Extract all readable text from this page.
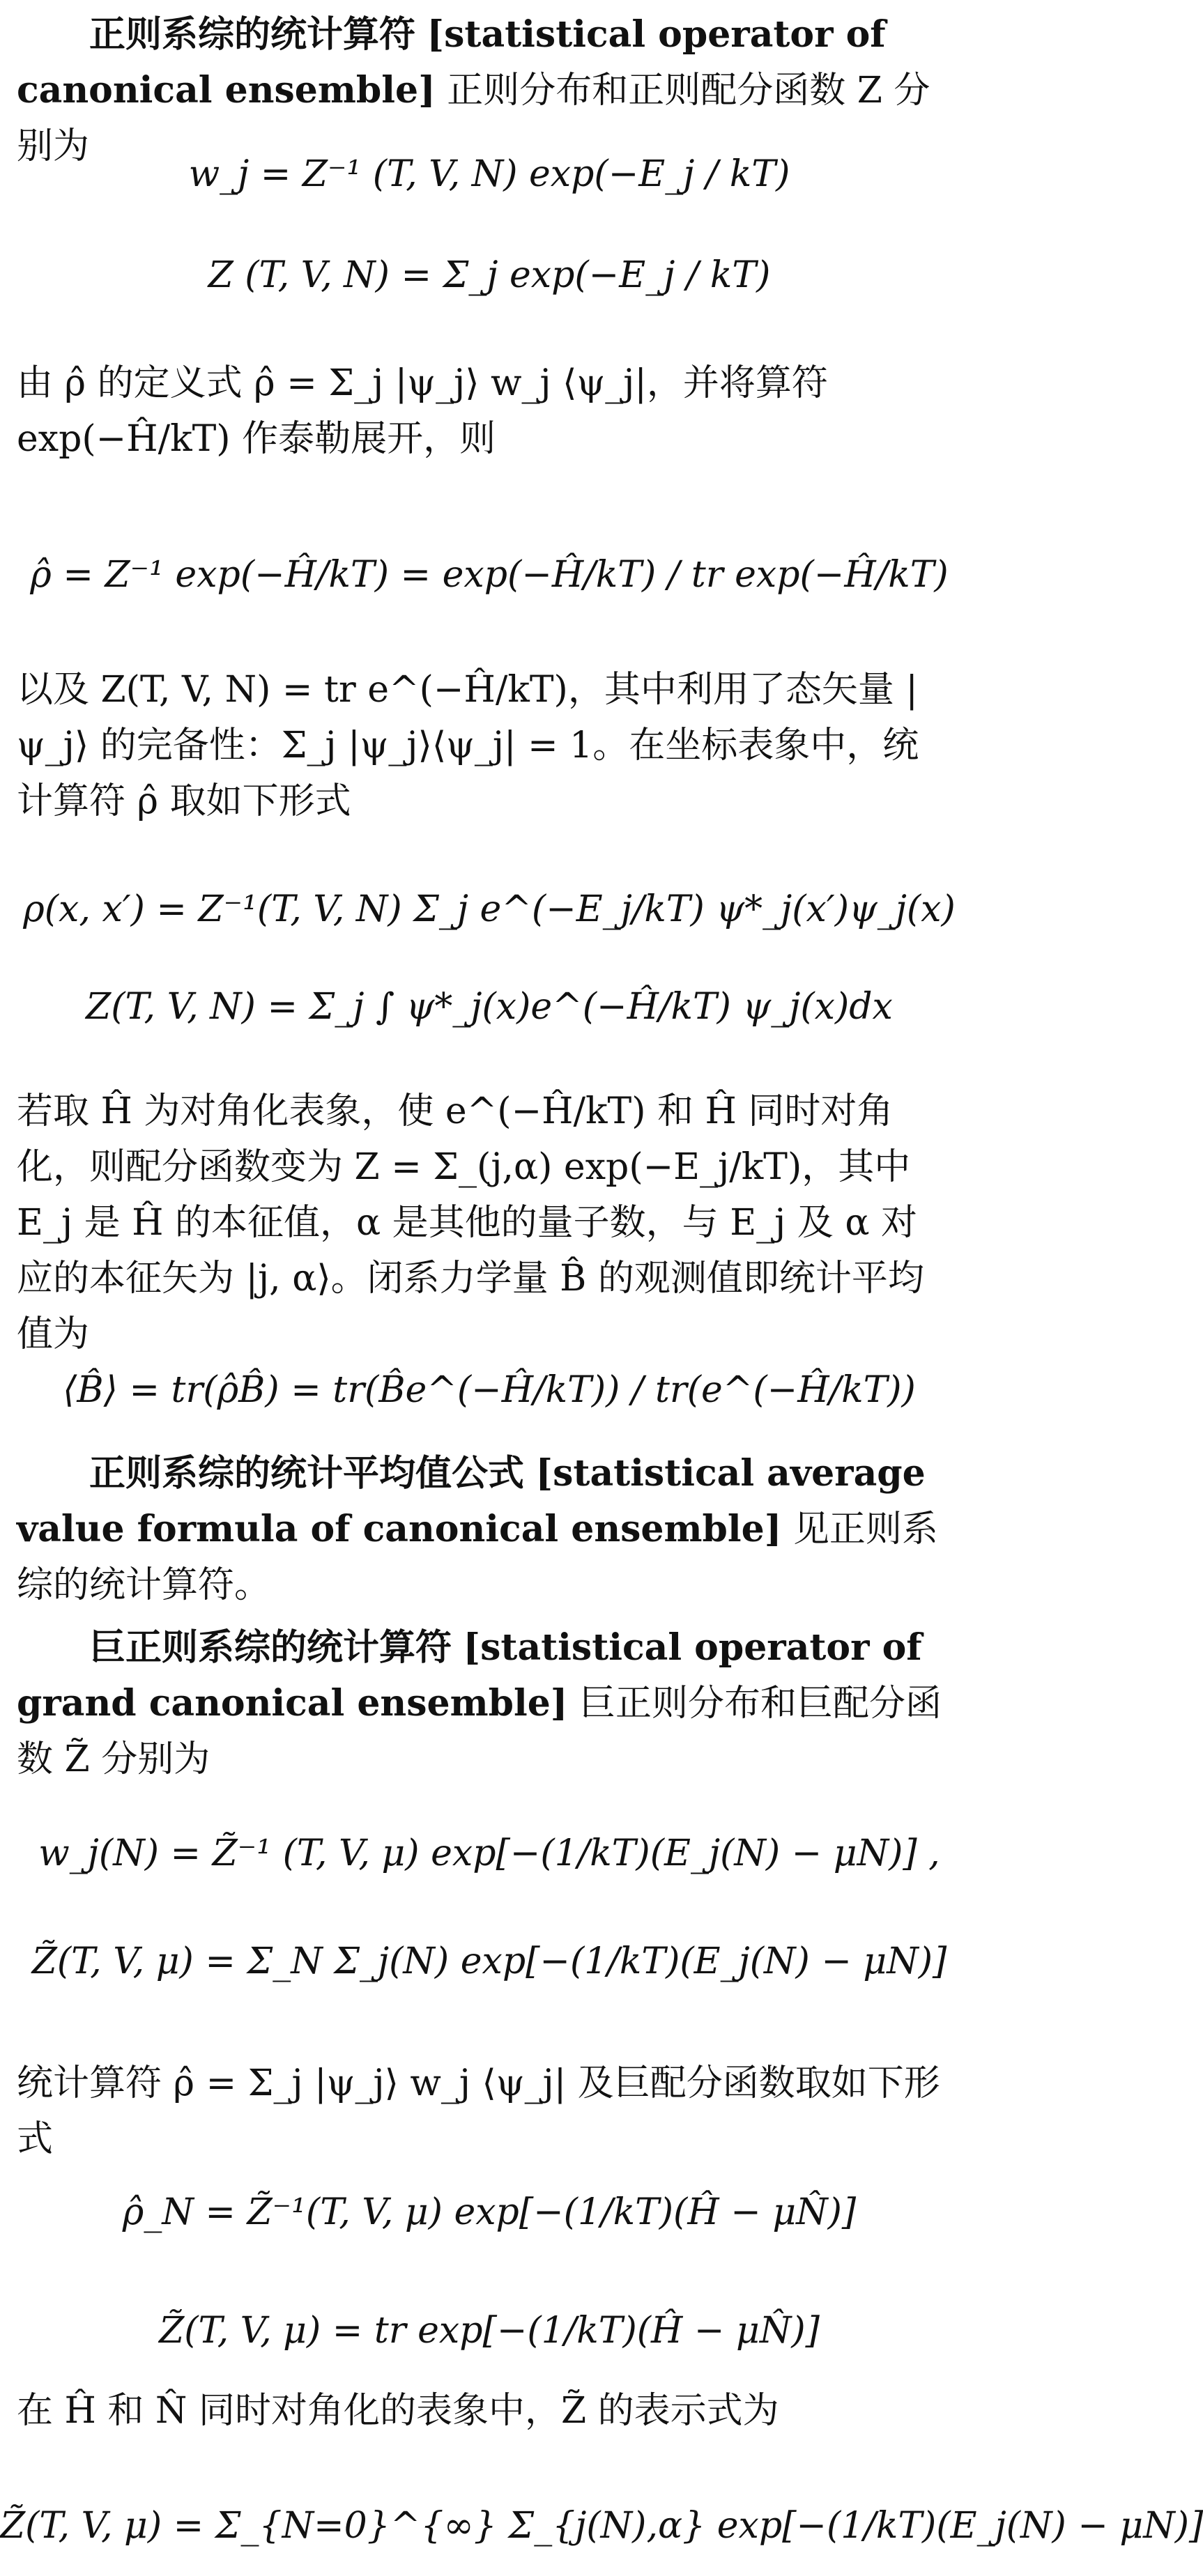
正则系综的统计算符 [statistical operator of canonical ensemble] 正则分布和正则配分函数 Z 分别为
w_j = Z⁻¹ (T, V, N) exp(−E_j / kT)
Z (T, V, N) = Σ_j exp(−E_j / kT)
由 ρ̂ 的定义式 ρ̂ = Σ_j |ψ_j⟩ w_j ⟨ψ_j|，并将算符 exp(−Ĥ/kT) 作泰勒展开，则
ρ̂ = Z⁻¹ exp(−Ĥ/kT) = exp(−Ĥ/kT) / tr exp(−Ĥ/kT)
以及 Z(T, V, N) = tr e^(−Ĥ/kT)，其中利用了态矢量 |ψ_j⟩ 的完备性：Σ_j |ψ_j⟩⟨ψ_j| = 1。在坐标表象中，统计算符 ρ̂ 取如下形式
ρ(x, x′) = Z⁻¹(T, V, N) Σ_j e^(−E_j/kT) ψ*_j(x′)ψ_j(x)
Z(T, V, N) = Σ_j ∫ ψ*_j(x)e^(−Ĥ/kT) ψ_j(x)dx
若取 Ĥ 为对角化表象，使 e^(−Ĥ/kT) 和 Ĥ 同时对角化，则配分函数变为 Z = Σ_(j,α) exp(−E_j/kT)，其中 E_j 是 Ĥ 的本征值，α 是其他的量子数，与 E_j 及 α 对应的本征矢为 |j, α⟩。闭系力学量 B̂ 的观测值即统计平均值为
⟨B̂⟩ = tr(ρ̂B̂) = tr(B̂e^(−Ĥ/kT)) / tr(e^(−Ĥ/kT))
正则系综的统计平均值公式 [statistical average value formula of canonical ensemble] 见正则系综的统计算符。
巨正则系综的统计算符 [statistical operator of grand canonical ensemble] 巨正则分布和巨配分函数 Z̃ 分别为
w_j(N) = Z̃⁻¹ (T, V, μ) exp[−(1/kT)(E_j(N) − μN)] ,
Z̃(T, V, μ) = Σ_N Σ_j(N) exp[−(1/kT)(E_j(N) − μN)]
统计算符 ρ̂ = Σ_j |ψ_j⟩ w_j ⟨ψ_j| 及巨配分函数取如下形式
ρ̂_N = Z̃⁻¹(T, V, μ) exp[−(1/kT)(Ĥ − μN̂)]
Z̃(T, V, μ) = tr exp[−(1/kT)(Ĥ − μN̂)]
在 Ĥ 和 N̂ 同时对角化的表象中，Z̃ 的表示式为
Z̃(T, V, μ) = Σ_{N=0}^{∞} Σ_{j(N),α} exp[−(1/kT)(E_j(N) − μN)]
